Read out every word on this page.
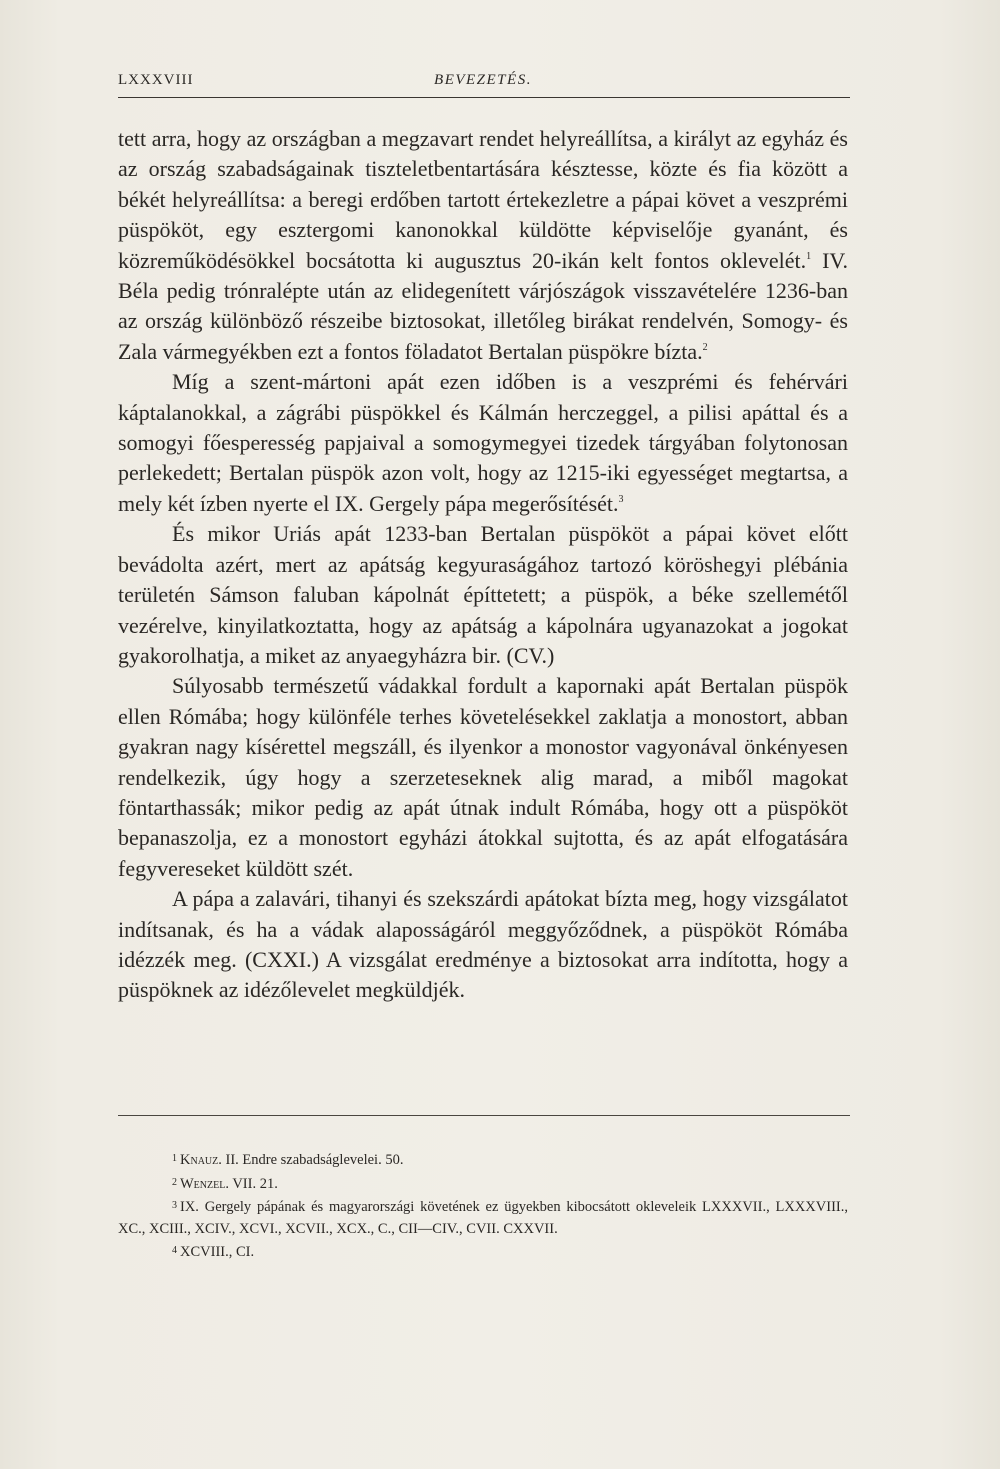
LXXXVIII	BEVEZETÉS.

tett arra, hogy az országban a megzavart rendet helyreállítsa, a királyt az egyház és az ország szabadságainak tiszteletbentartására késztesse, közte és fia között a békét helyreállítsa: a beregi erdőben tartott értekezletre a pápai követ a veszprémi püspököt, egy esztergomi kanonokkal küldötte képviselője gyanánt, és közreműködésökkel bocsátotta ki augusztus 20-ikán kelt fontos oklevelét.$^1$ IV. Béla pedig trónralépte után az elidegenített várjószágok visszavételére 1236-ban az ország különböző részeibe biztosokat, illetőleg birákat rendelvén, Somogy- és Zala vármegyékben ezt a fontos föladatot Bertalan püspökre bízta.$^2$

Míg a szent-mártoni apát ezen időben is a veszprémi és fehérvári káptalanokkal, a zágrábi püspökkel és Kálmán herczeggel, a pilisi apáttal és a somogyi főesperesség papjaival a somogymegyei tizedek tárgyában folytonosan perlekedett; Bertalan püspök azon volt, hogy az 1215-iki egyességet megtartsa, a mely két ízben nyerte el IX. Gergely pápa megerősítését.$^3$

És mikor Uriás apát 1233-ban Bertalan püspököt a pápai követ előtt bevádolta azért, mert az apátság kegyuraságához tartozó köröshegyi plébánia területén Sámson faluban kápolnát építtetett; a püspök, a béke szellemétől vezérelve, kinyilatkoztatta, hogy az apátság a kápolnára ugyanazokat a jogokat gyakorolhatja, a miket az anyaegyházra bir. (CV.)

Súlyosabb természetű vádakkal fordult a kapornaki apát Bertalan püspök ellen Rómába; hogy különféle terhes követelésekkel zaklatja a monostort, abban gyakran nagy kísérettel megszáll, és ilyenkor a monostor vagyonával önkényesen rendelkezik, úgy hogy a szerzeteseknek alig marad, a miből magokat föntarthassák; mikor pedig az apát útnak indult Rómába, hogy ott a püspököt bepanaszolja, ez a monostort egyházi átokkal sujtotta, és az apát elfogatására fegyvereseket küldött szét.

A pápa a zalavári, tihanyi és szekszárdi apátokat bízta meg, hogy vizsgálatot indítsanak, és ha a vádak alaposságáról meggyőződnek, a püspököt Rómába idézzék meg. (CXXI.) A vizsgálat eredménye a biztosokat arra indította, hogy a püspöknek az idézőlevelet megküldjék.

$^1$ Knauz. II. Endre szabadságlevelei. 50.

$^2$ Wenzel. VII. 21.

$^3$ IX. Gergely pápának és magyarországi követének ez ügyekben kibocsátott okleveleik LXXXVII., LXXXVIII., XC., XCIII., XCIV., XCVI., XCVII., XCX., C., CII—CIV., CVII. CXXVII.

$^4$ XCVIII., CI.
